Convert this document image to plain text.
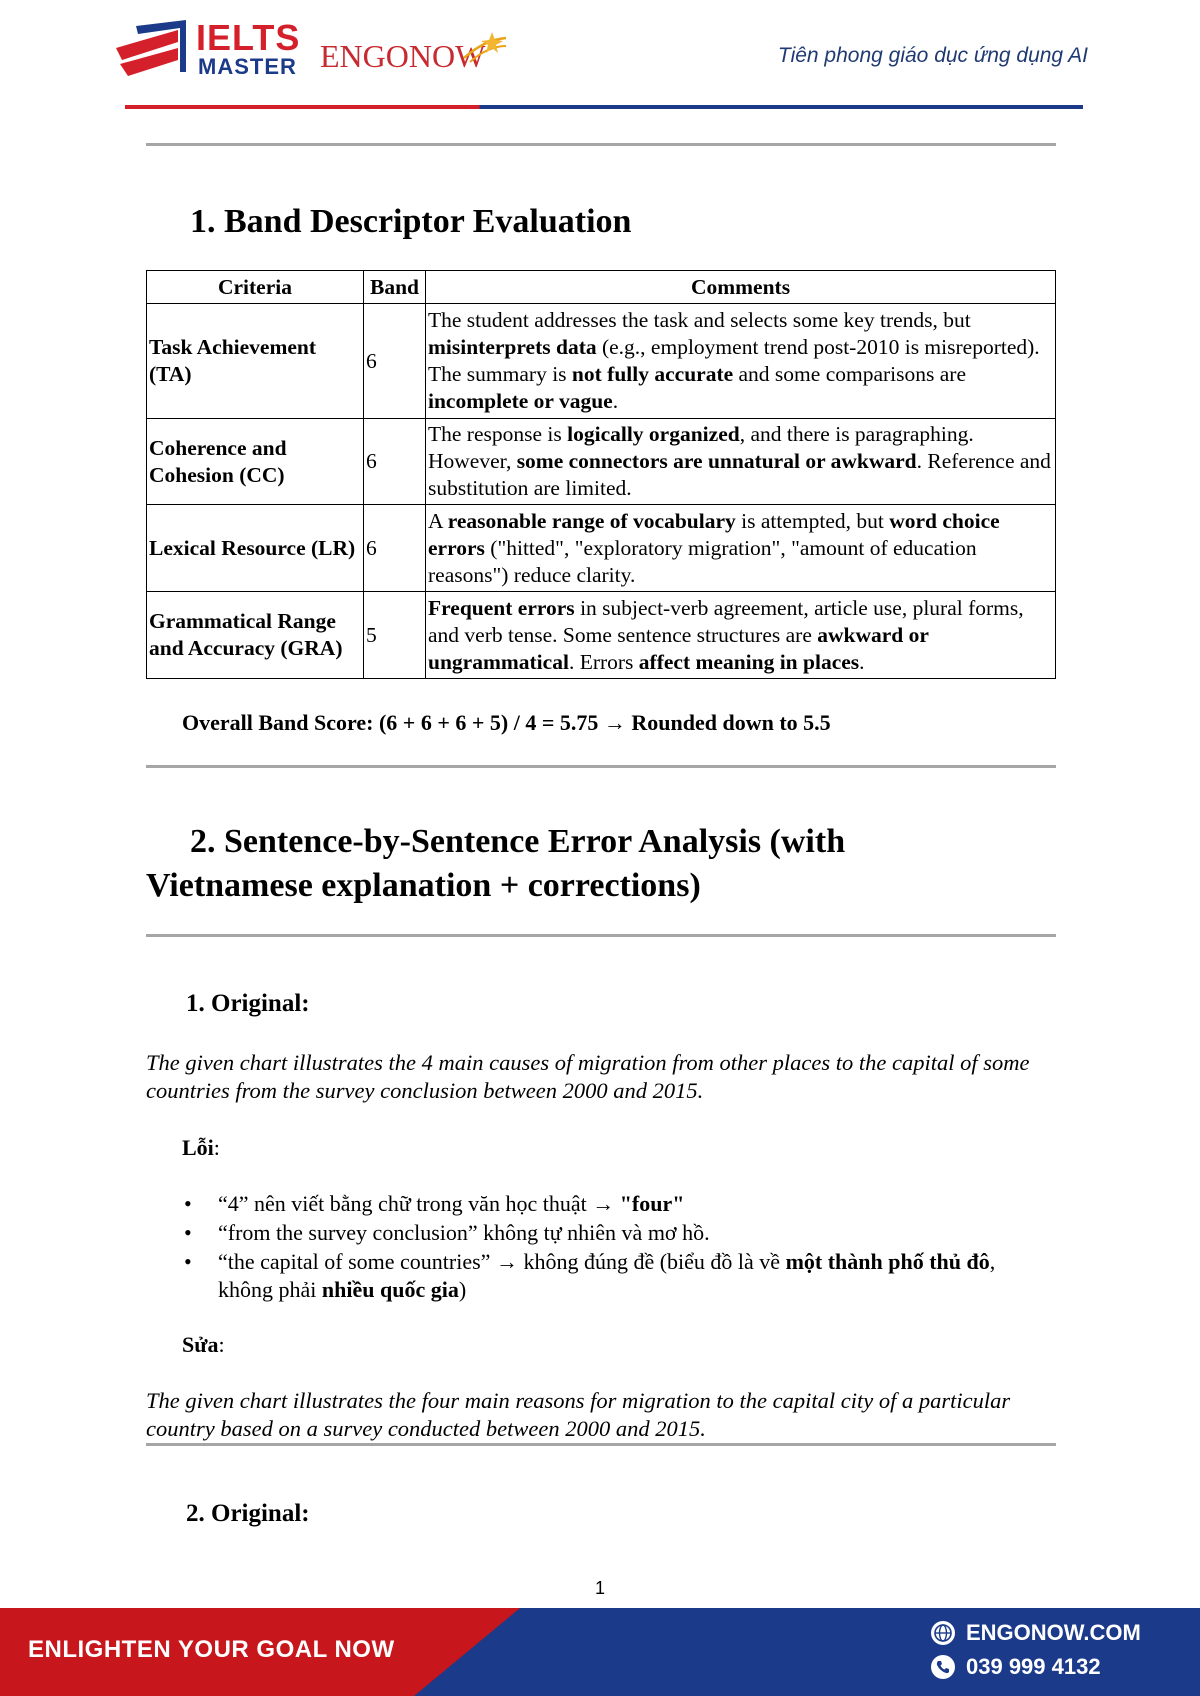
IELTS
MASTER ENGONOW	Tiên phong giáo dục ứng dụng AI
1. Band Descriptor Evaluation
Criteria	Band	Comments
Task Achievement (TA)	6	The student addresses the task and selects some key trends, but misinterprets data (e.g., employment trend post-2010 is misreported). The summary is not fully accurate and some comparisons are incomplete or vague.
Coherence and Cohesion (CC)	6	The response is logically organized, and there is paragraphing. However, some connectors are unnatural or awkward. Reference and substitution are limited.
Lexical Resource (LR)	6	A reasonable range of vocabulary is attempted, but word choice errors ("hitted", "exploratory migration", "amount of education reasons") reduce clarity.
Grammatical Range and Accuracy (GRA)	5	Frequent errors in subject-verb agreement, article use, plural forms, and verb tense. Some sentence structures are awkward or ungrammatical. Errors affect meaning in places.
Overall Band Score: (6 + 6 + 6 + 5) / 4 = 5.75 → Rounded down to 5.5
2. Sentence-by-Sentence Error Analysis (with
Vietnamese explanation + corrections)
1. Original:

The given chart illustrates the 4 main causes of migration from other places to the capital of some countries from the survey conclusion between 2000 and 2015.

Lỗi:
• “4” nên viết bằng chữ trong văn học thuật → "four"
• “from the survey conclusion” không tự nhiên và mơ hồ.
• “the capital of some countries” → không đúng đề (biểu đồ là về một thành phố thủ đô, không phải nhiều quốc gia)
Sửa:

The given chart illustrates the four main reasons for migration to the capital city of a particular country based on a survey conducted between 2000 and 2015.

2. Original:
1
ENLIGHTEN YOUR GOAL NOW
ENGONOW.COM
039 999 4132
